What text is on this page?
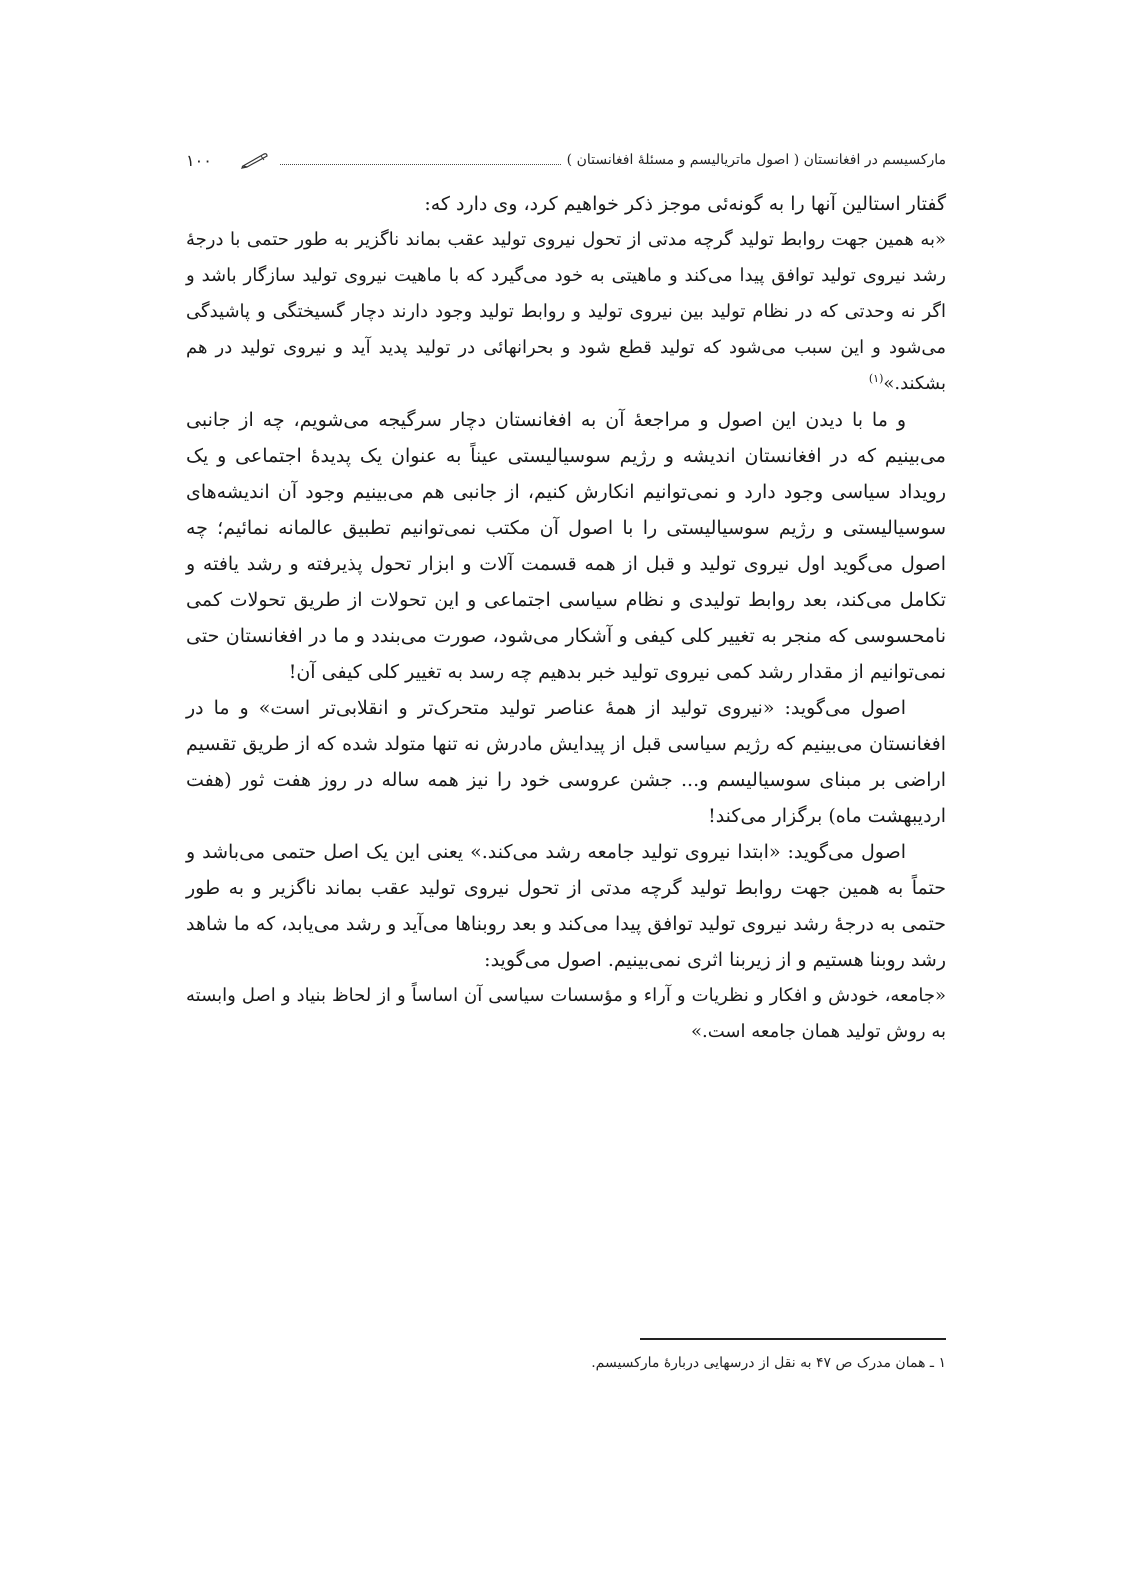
مارکسیسم در افغانستان ( اصول ماتریالیسم و مسئلهٔ افغانستان )
۱۰۰

گفتار استالین آنها را به گونه‌ئی موجز ذکر خواهیم کرد، وی دارد که:

«به همین جهت روابط تولید گرچه مدتی از تحول نیروی تولید عقب بماند ناگزیر به طور حتمی با درجهٔ رشد نیروی تولید توافق پیدا می‌کند و ماهیتی به خود می‌گیرد که با ماهیت نیروی تولید سازگار باشد و اگر نه وحدتی که در نظام تولید بین نیروی تولید و روابط تولید وجود دارند دچار گسیختگی و پاشیدگی می‌شود و این سبب می‌شود که تولید قطع شود و بحرانهائی در تولید پدید آید و نیروی تولید در هم بشکند.»$^{(۱)}$

و ما با دیدن این اصول و مراجعهٔ آن به افغانستان دچار سرگیجه می‌شویم، چه از جانبی می‌بینیم که در افغانستان اندیشه و رژیم سوسیالیستی عیناً به عنوان یک پدیدهٔ اجتماعی و یک رویداد سیاسی وجود دارد و نمی‌توانیم انکارش کنیم، از جانبی هم می‌بینیم وجود آن اندیشه‌های سوسیالیستی و رژیم سوسیالیستی را با اصول آن مکتب نمی‌توانیم تطبیق عالمانه نمائیم؛ چه اصول می‌گوید اول نیروی تولید و قبل از همه قسمت آلات و ابزار تحول پذیرفته و رشد یافته و تکامل می‌کند، بعد روابط تولیدی و نظام سیاسی اجتماعی و این تحولات از طریق تحولات کمی نامحسوسی که منجر به تغییر کلی کیفی و آشکار می‌شود، صورت می‌بندد و ما در افغانستان حتی نمی‌توانیم از مقدار رشد کمی نیروی تولید خبر بدهیم چه رسد به تغییر کلی کیفی آن!

اصول می‌گوید: «نیروی تولید از همهٔ عناصر تولید متحرک‌تر و انقلابی‌تر است» و ما در افغانستان می‌بینیم که رژیم سیاسی قبل از پیدایش مادرش نه تنها متولد شده که از طریق تقسیم اراضی بر مبنای سوسیالیسم و... جشن عروسی خود را نیز همه ساله در روز هفت ثور (هفت اردیبهشت ماه) برگزار می‌کند!

اصول می‌گوید: «ابتدا نیروی تولید جامعه رشد می‌کند.» یعنی این یک اصل حتمی می‌باشد و حتماً به همین جهت روابط تولید گرچه مدتی از تحول نیروی تولید عقب بماند ناگزیر و به طور حتمی به درجهٔ رشد نیروی تولید توافق پیدا می‌کند و بعد روبناها می‌آید و رشد می‌یابد، که ما شاهد رشد روبنا هستیم و از زیربنا اثری نمی‌بینیم. اصول می‌گوید:

«جامعه، خودش و افکار و نظریات و آراء و مؤسسات سیاسی آن اساساً و از لحاظ بنیاد و اصل وابسته به روش تولید همان جامعه است.»

۱ ـ همان مدرک ص ۴۷ به نقل از درسهایی دربارهٔ مارکسیسم.
